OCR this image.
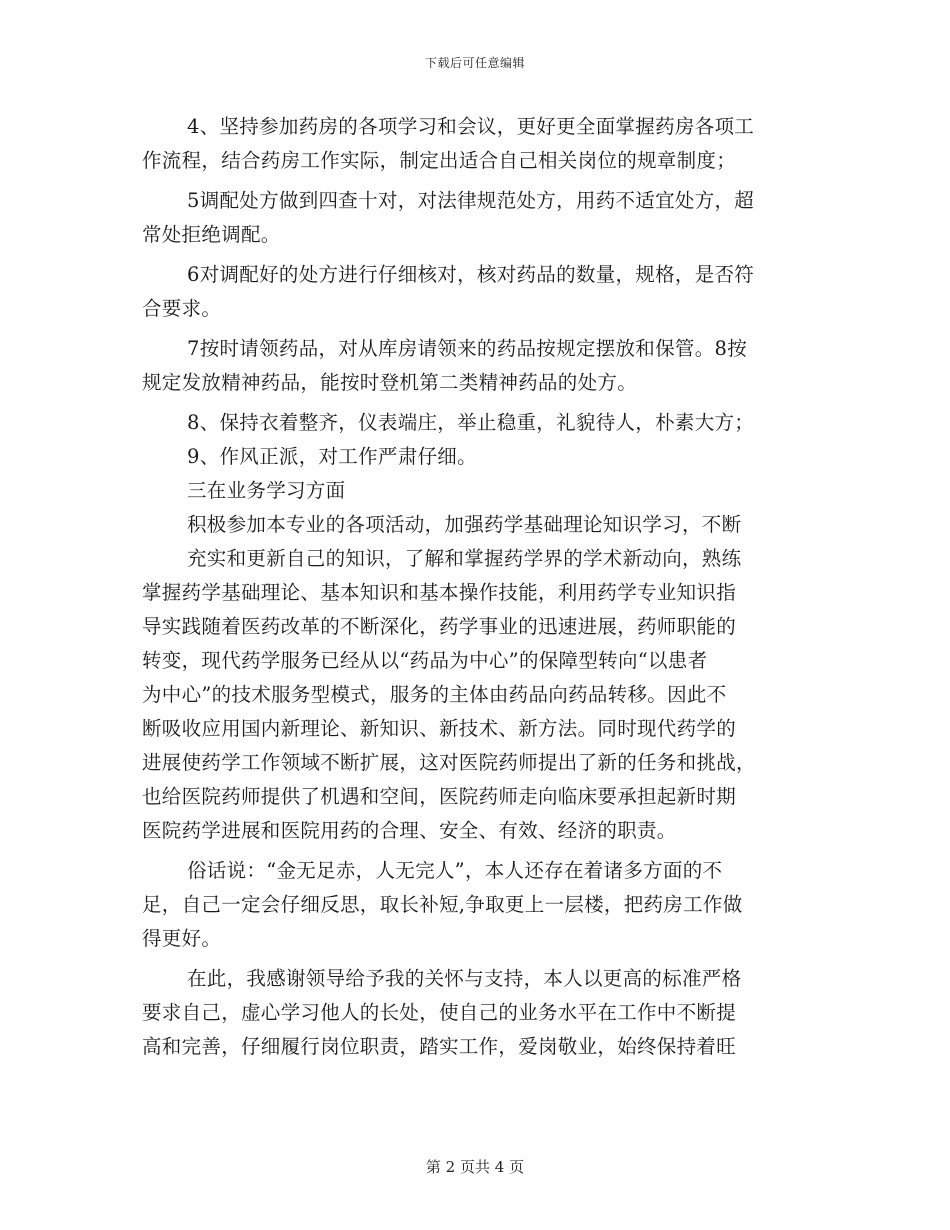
下载后可任意编辑
4、坚持参加药房的各项学习和会议，更好更全面掌握药房各项工
作流程，结合药房工作实际，制定出适合自己相关岗位的规章制度；
5调配处方做到四查十对，对法律规范处方，用药不适宜处方，超
常处拒绝调配。
6对调配好的处方进行仔细核对，核对药品的数量，规格，是否符
合要求。
7按时请领药品，对从库房请领来的药品按规定摆放和保管。8按
规定发放精神药品，能按时登机第二类精神药品的处方。
8、保持衣着整齐，仪表端庄，举止稳重，礼貌待人，朴素大方；
9、作风正派，对工作严肃仔细。
三在业务学习方面
积极参加本专业的各项活动，加强药学基础理论知识学习，不断
充实和更新自己的知识，了解和掌握药学界的学术新动向，熟练
掌握药学基础理论、基本知识和基本操作技能，利用药学专业知识指
导实践随着医药改革的不断深化，药学事业的迅速进展，药师职能的
转变，现代药学服务已经从以“药品为中心”的保障型转向“以患者
为中心”的技术服务型模式，服务的主体由药品向药品转移。因此不
断吸收应用国内新理论、新知识、新技术、新方法。同时现代药学的
进展使药学工作领域不断扩展，这对医院药师提出了新的任务和挑战，
也给医院药师提供了机遇和空间，医院药师走向临床要承担起新时期
医院药学进展和医院用药的合理、安全、有效、经济的职责。
俗话说：“金无足赤，人无完人”，本人还存在着诸多方面的不
足，自己一定会仔细反思，取长补短,争取更上一层楼，把药房工作做
得更好。
在此，我感谢领导给予我的关怀与支持，本人以更高的标准严格
要求自己，虚心学习他人的长处，使自己的业务水平在工作中不断提
高和完善，仔细履行岗位职责，踏实工作，爱岗敬业，始终保持着旺
第 2 页共 4 页
